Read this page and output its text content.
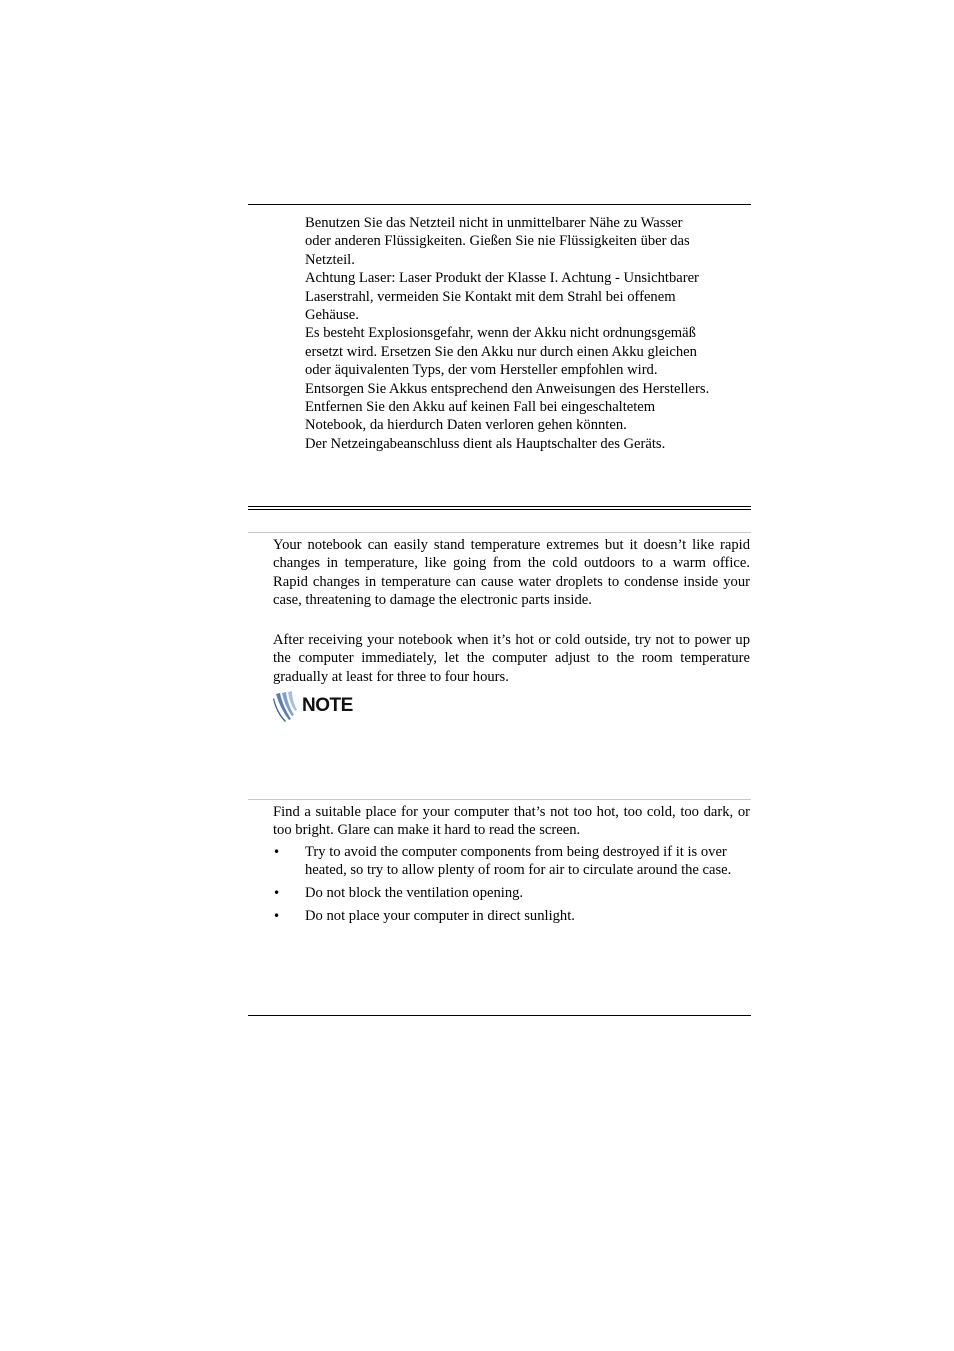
Benutzen Sie das Netzteil nicht in unmittelbarer Nähe zu Wasser

oder anderen Flüssigkeiten. Gießen Sie nie Flüssigkeiten über das

Netzteil.

Achtung Laser: Laser Produkt der Klasse I. Achtung - Unsichtbarer

Laserstrahl, vermeiden Sie Kontakt mit dem Strahl bei offenem

Gehäuse.

Es besteht Explosionsgefahr, wenn der Akku nicht ordnungsgemäß

ersetzt wird. Ersetzen Sie den Akku nur durch einen Akku gleichen

oder äquivalenten Typs, der vom Hersteller empfohlen wird.

Entsorgen Sie Akkus entsprechend den Anweisungen des Herstellers.

Entfernen Sie den Akku auf keinen Fall bei eingeschaltetem

Notebook, da hierdurch Daten verloren gehen könnten.

Der Netzeingabeanschluss dient als Hauptschalter des Geräts.

Your notebook can easily stand temperature extremes but it doesn’t like rapid changes in temperature, like going from the cold outdoors to a warm office. Rapid changes in temperature can cause water droplets to condense inside your case, threatening to damage the electronic parts inside.

After receiving your notebook when it’s hot or cold outside, try not to power up the computer immediately, let the computer adjust to the room temperature gradually at least for three to four hours.

NOTE

Find a suitable place for your computer that’s not too hot, too cold, too dark, or too bright. Glare can make it hard to read the screen.

• Try to avoid the computer components from being destroyed if it is over heated, so try to allow plenty of room for air to circulate around the case.
• Do not block the ventilation opening.
• Do not place your computer in direct sunlight.
